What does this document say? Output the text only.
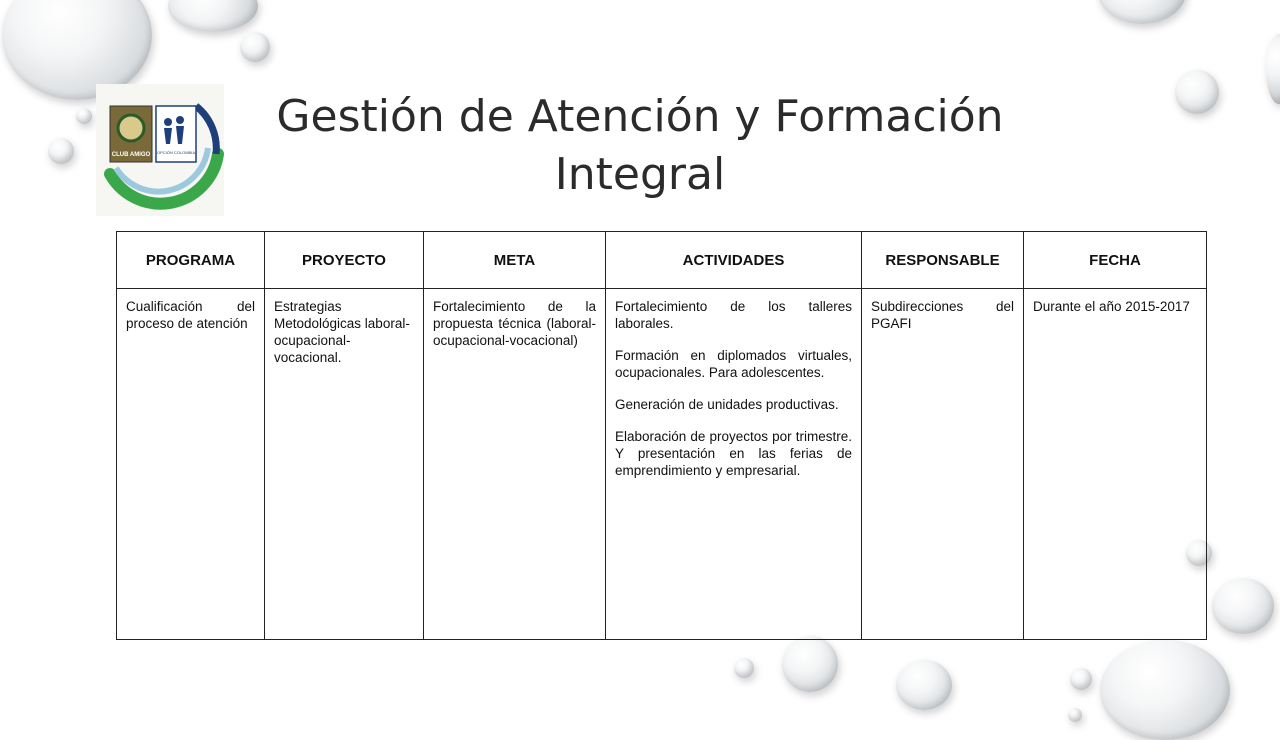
CLUB AMIGO OPCIÓN COLOMBIA
Gestión de Atención y Formación Integral
PROGRAMA	PROYECTO	META	ACTIVIDADES	RESPONSABLE	FECHA
Cualificación del proceso de atención	Estrategias Metodológicas laboral-ocupacional-vocacional.	Fortalecimiento de la propuesta técnica (laboral- ocupacional-vocacional)	Fortalecimiento de los talleres laborales.

Formación en diplomados virtuales, ocupacionales. Para adolescentes.

Generación de unidades productivas.

Elaboración de proyectos por trimestre. Y presentación en las ferias de emprendimiento y empresarial.	Subdirecciones del PGAFI	Durante el año 2015-2017
